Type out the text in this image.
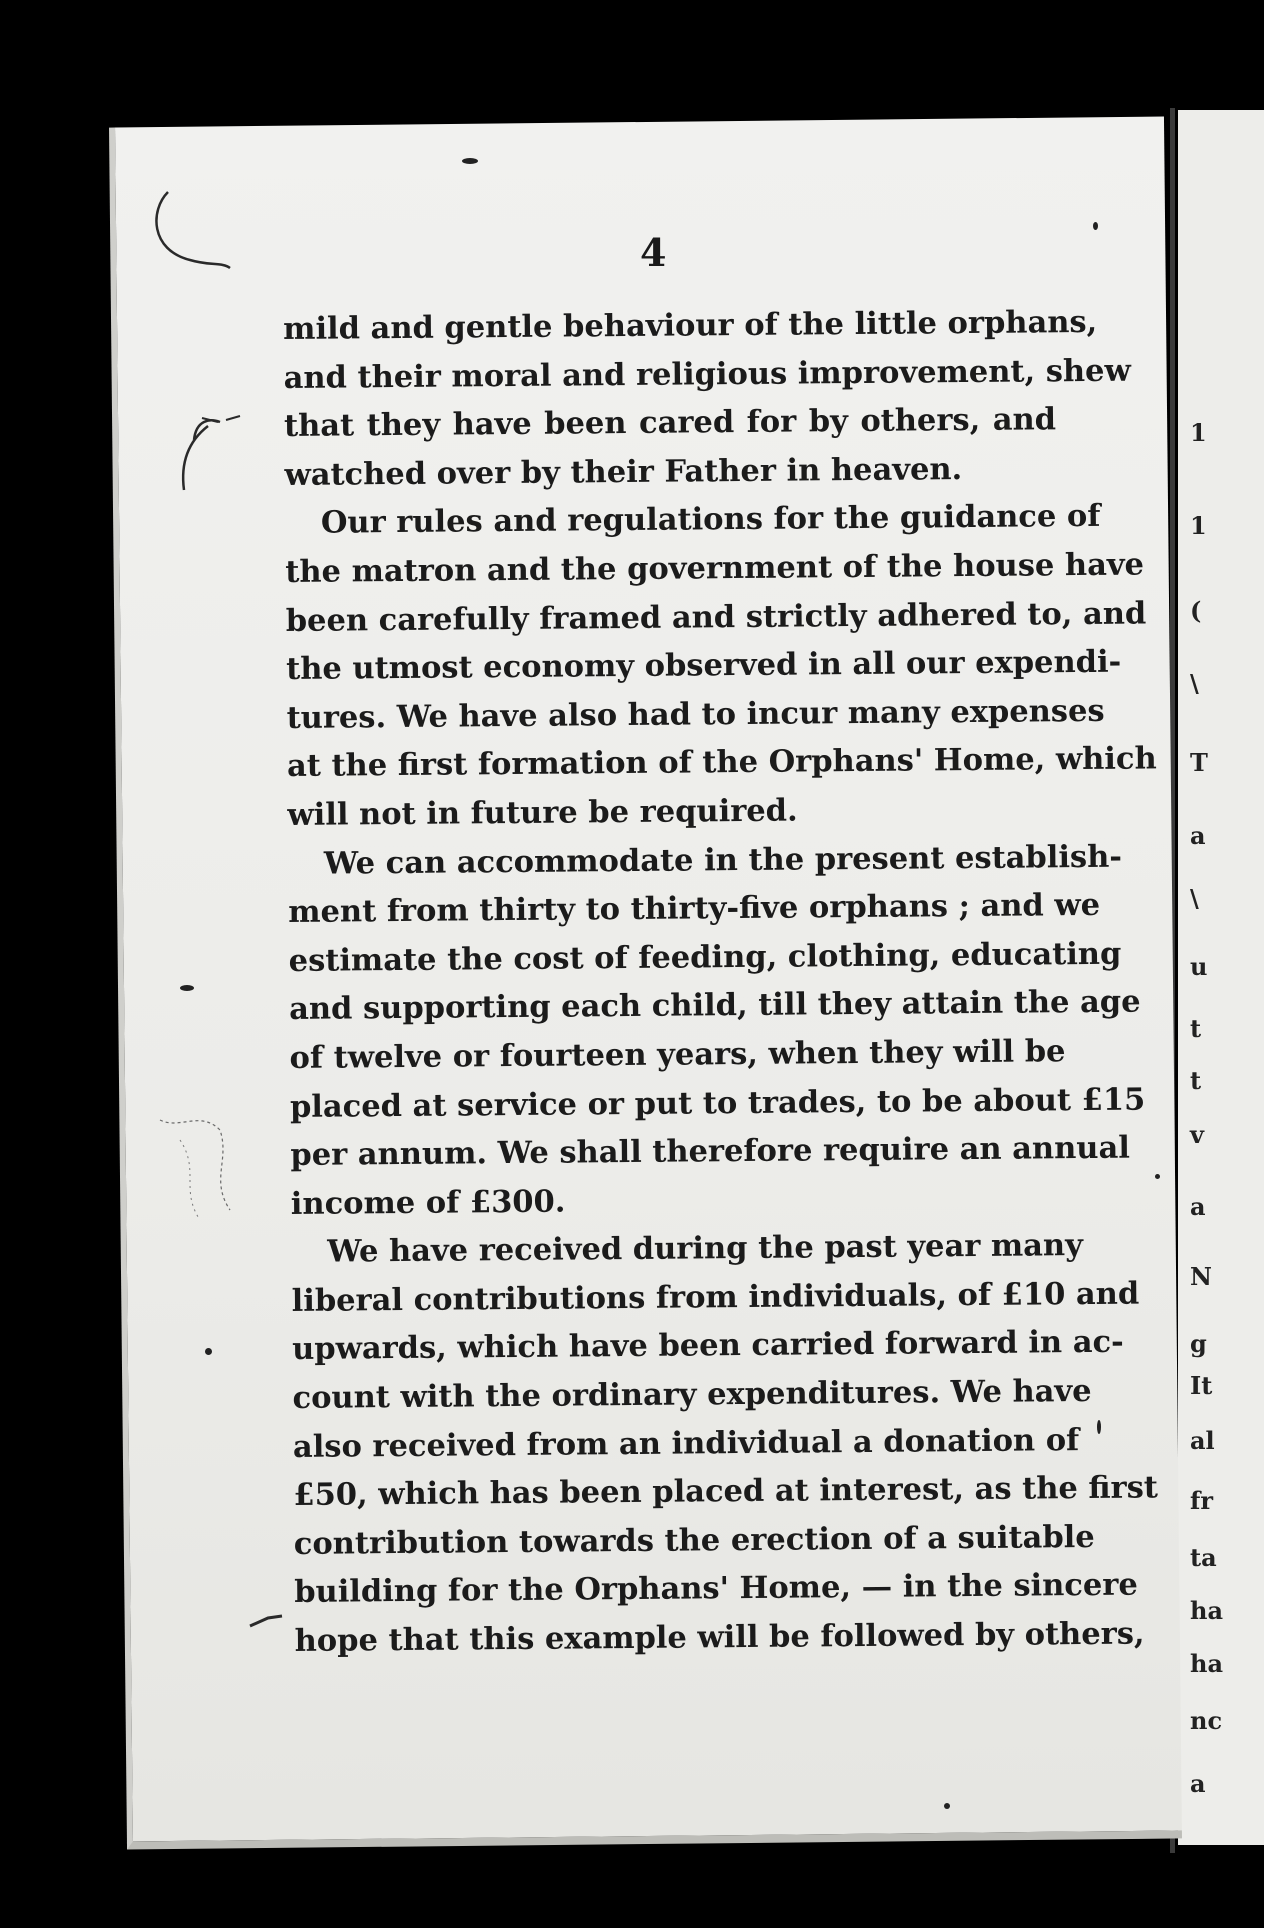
1
1
(
\
T
a
\
u
t
t
v
a
N
g
It
al
fr
ta
ha
ha
nc
a
4
mild and gentle behaviour of the little orphans,
and their moral and religious improvement, shew
that they have been cared for by others, and
watched over by their Father in heaven.
Our rules and regulations for the guidance of
the matron and the government of the house have
been carefully framed and strictly adhered to, and
the utmost economy observed in all our expendi-
tures. We have also had to incur many expenses
at the first formation of the Orphans' Home, which
will not in future be required.
We can accommodate in the present establish-
ment from thirty to thirty-five orphans ; and we
estimate the cost of feeding, clothing, educating
and supporting each child, till they attain the age
of twelve or fourteen years, when they will be
placed at service or put to trades, to be about £15
per annum. We shall therefore require an annual
income of £300.
We have received during the past year many
liberal contributions from individuals, of £10 and
upwards, which have been carried forward in ac-
count with the ordinary expenditures. We have
also received from an individual a donation of
£50, which has been placed at interest, as the first
contribution towards the erection of a suitable
building for the Orphans' Home, — in the sincere
hope that this example will be followed by others,
